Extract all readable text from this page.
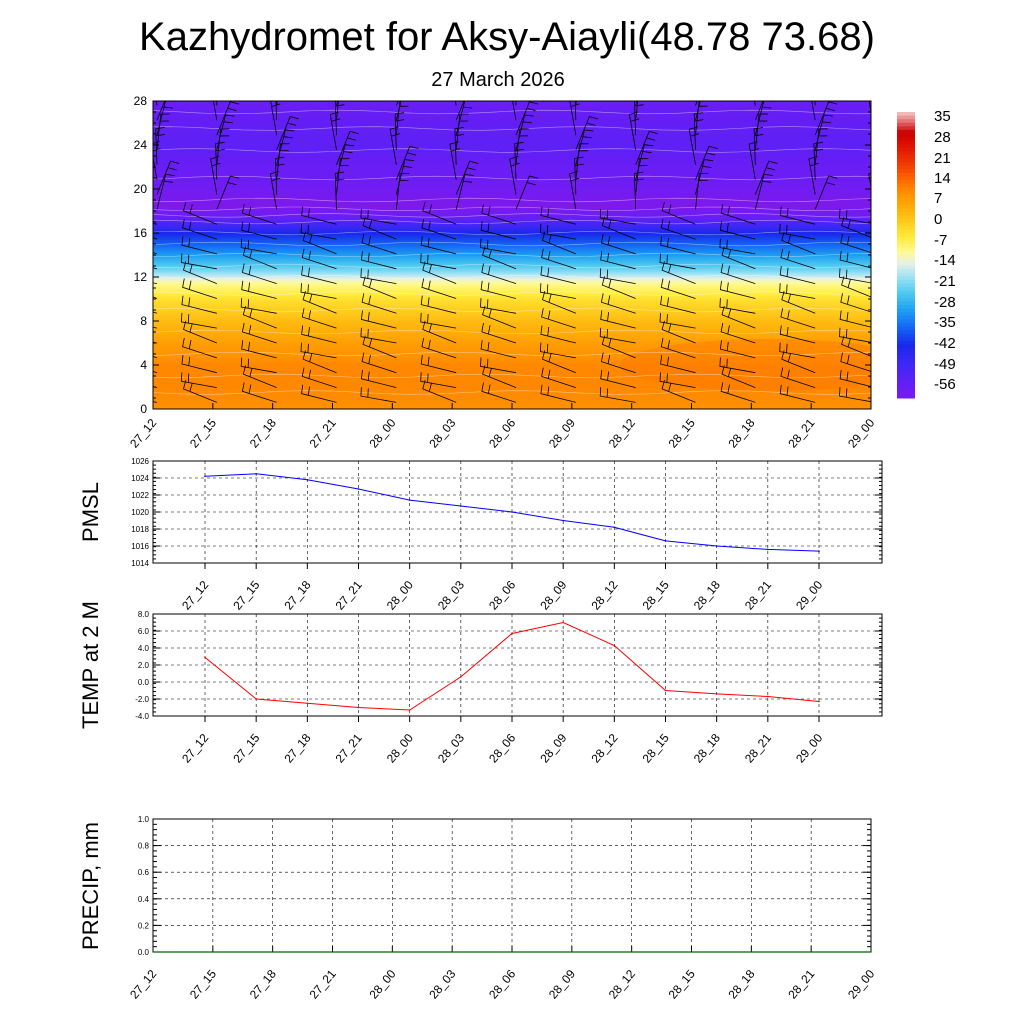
Kazhydromet for Aksy-Aiayli(48.78 73.68)
27 March 2026
0
4
8
12
16
20
24
28
27_12 27_15 27_18 27_21 28_00 28_03 28_06 28_09 28_12 28_15 28_18 28_21 29_00
35
28
21
14
7
0
-7
-14
-21
-28
-35
-42
-49
-56
1014
1016
1018
1020
1022
1024
1026
27_12 27_15 27_18 27_21 28_00 28_03 28_06 28_09 28_12 28_15 28_18 28_21 29_00
PMSL
-4.0
-2.0
0.0
2.0
4.0
6.0
8.0
27_12 27_15 27_18 27_21 28_00 28_03 28_06 28_09 28_12 28_15 28_18 28_21 29_00
TEMP at 2 M
0.0
0.2
0.4
0.6
0.8
1.0
27_12 27_15 27_18 27_21 28_00 28_03 28_06 28_09 28_12 28_15 28_18 28_21 29_00
PRECIP, mm
